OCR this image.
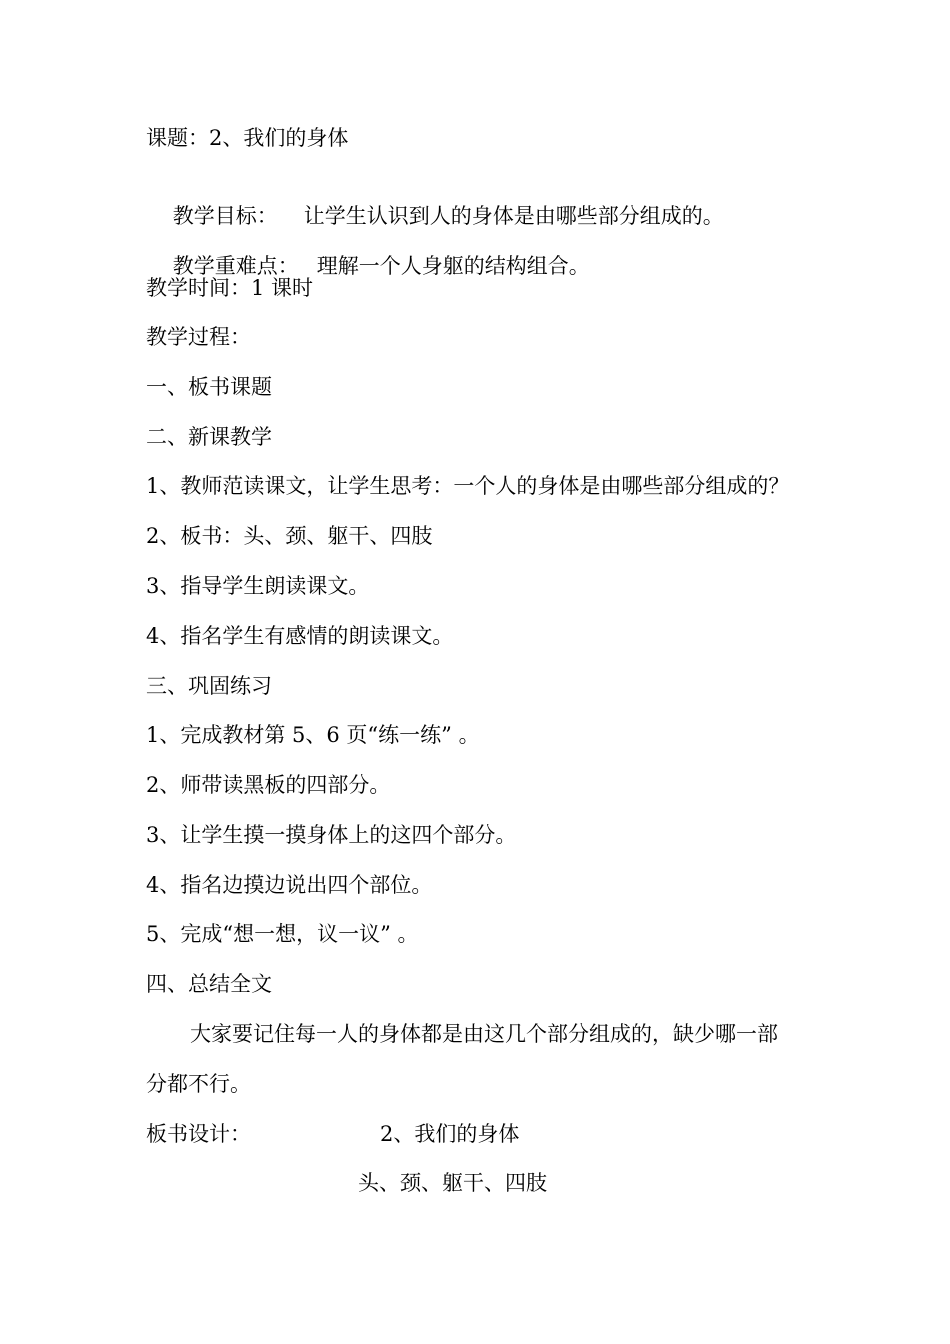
课题：2、我们的身体

教学目标： 让学生认识到人的身体是由哪些部分组成的。

教学重难点： 理解一个人身躯的结构组合。

教学时间：1 课时
教学过程：
一、板书课题
二、新课教学
1、教师范读课文，让学生思考：一个人的身体是由哪些部分组成的？
2、板书：头、颈、躯干、四肢
3、指导学生朗读课文。
4、指名学生有感情的朗读课文。
三、巩固练习
1、完成教材第 5、6 页“练一练” 。
2、师带读黑板的四部分。
3、让学生摸一摸身体上的这四个部分。
4、指名边摸边说出四个部位。
5、完成“想一想，议一议” 。
四、总结全文
大家要记住每一人的身体都是由这几个部分组成的，缺少哪一部
分都不行。
板书设计：	2、我们的身体
头、颈、躯干、四肢
